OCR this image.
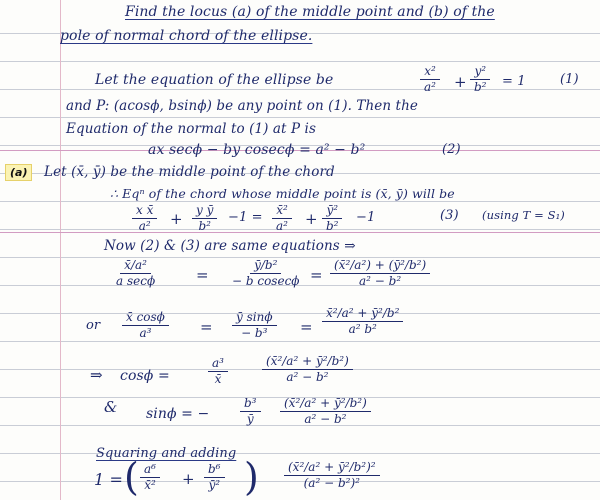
Find the locus (a) of the middle point and (b) of the
pole of normal chord of the ellipse.
Let the equation of the ellipse be	$\frac{\text{x²}}{\text{a²}} + \frac{\text{y²}}{\text{b²}} = 1$	(1)
and P: (acosϕ, bsinϕ) be any point on (1). Then the
Equation of the normal to (1) at P is
ax secϕ − by cosecϕ = a² − b²	(2)
(a)	Let (x̄, ȳ) be the middle point of the chord
∴ Eqⁿ of the chord whose middle point is (x̄, ȳ) will be
$\frac{\text{x x̄}}{\text{a²}} + \frac{\text{y ȳ}}{\text{b²}} -1 = \frac{\text{x̄²}}{\text{a²}} + \frac{\text{ȳ²}}{\text{b²}} -1$	(3) (using T = S₁)
Now (2) & (3) are same equations ⇒
x̄/a²
a secϕ	=
ȳ/b²
− b $cosec\phi = \frac{\text{(x̄²/a²) + (ȳ²/b²)}}{\text{a² − b²}}$
or $\frac{x̄ \cos\phi}{\text{a³}} = \frac{\text{ȳ sinϕ}}{\text{− b³}} = \frac{\text{x̄²/a² + ȳ²/b²}}{\text{a² b²}}$
⇒ cosϕ =	$\frac{\text{a³}}{x̄}$	$\frac{\text{(x̄²/a² + ȳ²/b²)}}{\text{a² − b²}}$
& sinϕ = −	$\frac{\text{b³}}{ȳ} \frac{\text{(x̄²/a² + ȳ²/b²)}}{\text{a² − b²}}$
Squaring and adding
1 = ( $\frac{\text{a⁶}}{\text{x̄²}} + \frac{\text{b⁶}}{\text{ȳ²}}$ ) $\frac{\text{(x̄²/a² + ȳ²/b²)²}}{\text{(a² − b²)²}}$
